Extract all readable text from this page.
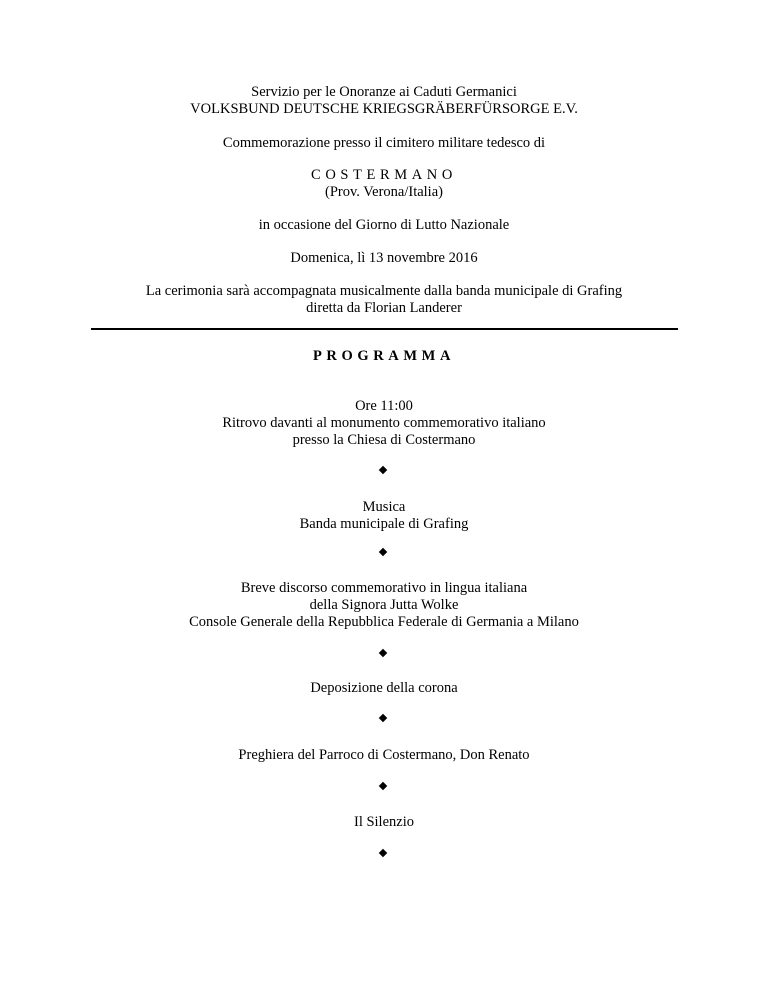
Servizio per le Onoranze ai Caduti Germanici
VOLKSBUND DEUTSCHE KRIEGSGRÄBERFÜRSORGE E.V.
Commemorazione presso il cimitero militare tedesco di
COSTERMANO
(Prov. Verona/Italia)
in occasione del Giorno di Lutto Nazionale
Domenica, lì 13 novembre 2016
La cerimonia sarà accompagnata musicalmente dalla banda municipale di Grafing
diretta da Florian Landerer
PROGRAMMA
Ore 11:00
Ritrovo davanti al monumento commemorativo italiano
presso la Chiesa di Costermano
Musica
Banda municipale di Grafing
Breve discorso commemorativo in lingua italiana
della Signora Jutta Wolke
Console Generale della Repubblica Federale di Germania a Milano
Deposizione della corona
Preghiera del Parroco di Costermano, Don Renato
Il Silenzio
